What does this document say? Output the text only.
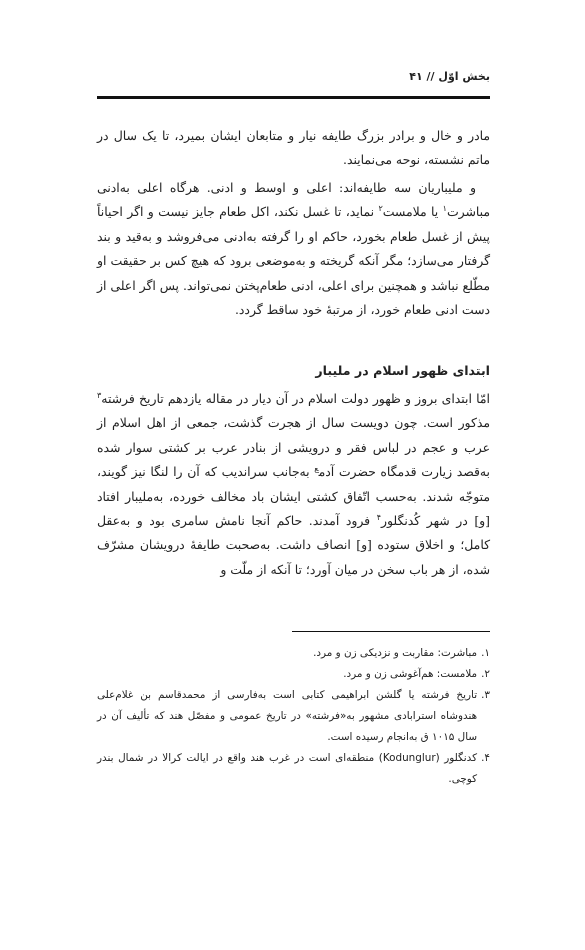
بخش اوّل // ۴۱
مادر و خال و برادر بزرگ طایفه نیار و متابعان ایشان بمیرد، تا یک سال در ماتم نشسته، نوحه می‌نمایند.
و ملیباریان سه طایفه‌اند: اعلی و اوسط و ادنی. هرگاه اعلی به‌ادنی مباشرت$^۱$ یا ملامست$^۲$ نماید، تا غسل نکند، اکل طعام جایز نیست و اگر احیاناً پیش از غسل طعام بخورد، حاکم او را گرفته به‌ادنی می‌فروشد و به‌قید و بند گرفتار می‌سازد؛ مگر آنکه گریخته و به‌موضعی برود که هیچ کس بر حقیقت او مطّلع نباشد و همچنین برای اعلی، ادنی طعام‌پختن نمی‌تواند. پس اگر اعلی از دست ادنی طعام خورد، از مرتبهٔ خود ساقط گردد.
ابتدای ظهور اسلام در ملیبار
امّا ابتدای بروز و ظهور دولت اسلام در آن دیار در مقاله یازدهم تاریخ فرشته$^۳$ مذکور است. چون دویست سال از هجرت گذشت، جمعی از اهل اسلام از عرب و عجم در لباس فقر و درویشی از بنادر عرب بر کشتی سوار شده به‌قصد زیارت قدمگاه حضرت آدم$^ع$ به‌جانب سراندیب که آن را لنگا نیز گویند، متوجّه شدند. به‌حسب اتّفاق کشتی ایشان باد مخالف خورده، به‌ملیبار افتاد [و] در شهر کُدنگلور$^۴$ فرود آمدند. حاکم آنجا نامش سامری بود و به‌عقل کامل؛ و اخلاق ستوده [و] انصاف داشت. به‌صحبت طایفهٔ درویشان مشرّف شده، از هر باب سخن در میان آورد؛ تا آنکه از ملّت و
۱.
مباشرت: مقاربت و نزدیکی زن و مرد.
۲.
ملامست: هم‌آغوشی زن و مرد.
۳.
تاریخ فرشته یا گلشن ابراهیمی کتابی است به‌فارسی از محمدقاسم بن غلام‌علی هندوشاه استرابادی مشهور به«فرشته» در تاریخ عمومی و مفصّل هند که تألیف آن در سال ۱۰۱۵ ق به‌انجام رسیده است.
۴.
کدنگلور (Kodunglur) منطقه‌ای است در غرب هند واقع در ایالت کرالا در شمال بندر کوچی.
